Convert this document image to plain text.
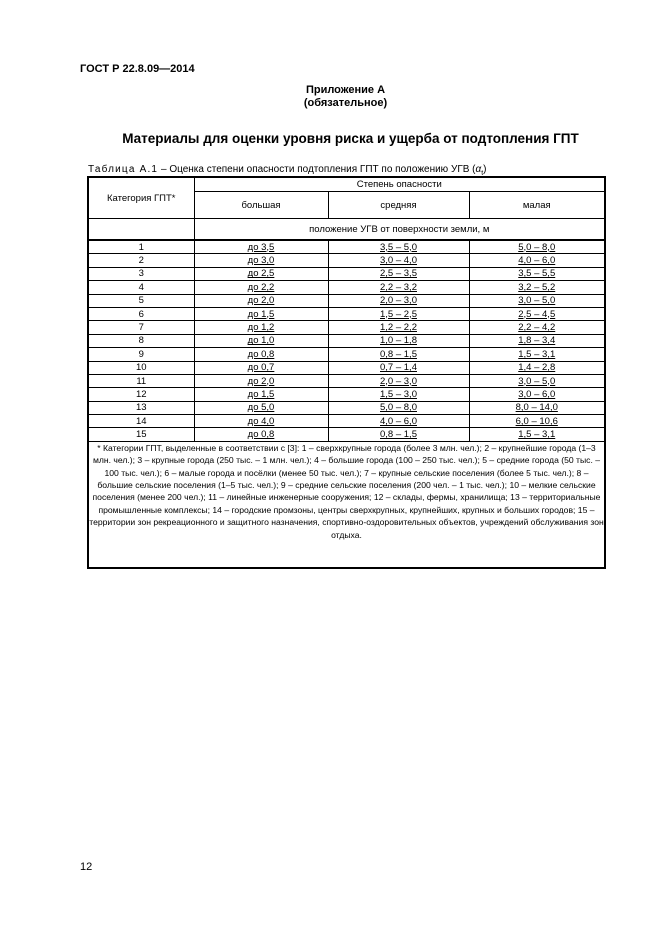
ГОСТ Р 22.8.09—2014
Приложение А
(обязательное)
Материалы для оценки уровня риска и ущерба от подтопления ГПТ
Таблица А.1 – Оценка степени опасности подтопления ГПТ по положению УГВ $(\alpha_t)$
Категория ГПТ*	Степень опасности		
	большая	средняя	малая
	положение УГВ от поверхности земли, м		
1	до 3,5	3,5 – 5,0	5,0 – 8,0
2	до 3,0	3,0 – 4,0	4,0 – 6,0
3	до 2,5	2,5 – 3,5	3,5 – 5,5
4	до 2,2	2,2 – 3,2	3,2 – 5,2
5	до 2,0	2,0 – 3,0	3,0 – 5,0
6	до 1,5	1,5 – 2,5	2,5 – 4,5
7	до 1,2	1,2 – 2,2	2,2 – 4,2
8	до 1,0	1,0 – 1,8	1,8 – 3,4
9	до 0,8	0,8 – 1,5	1,5 – 3,1
10	до 0,7	0,7 – 1,4	1,4 – 2,8
11	до 2,0	2,0 – 3,0	3,0 – 5,0
12	до 1,5	1,5 – 3,0	3,0 – 6,0
13	до 5,0	5,0 – 8,0	8,0 – 14,0
14	до 4,0	4,0 – 6,0	6,0 – 10,6
15	до 0,8	0,8 – 1,5	1,5 – 3,1
* Категории ГПТ, выделенные в соответствии с [3]: 1 – сверхкрупные города (более 3 млн. чел.); 2 – крупнейшие города (1–3 млн. чел.); 3 – крупные города (250 тыс. – 1 млн. чел.); 4 – большие города (100 – 250 тыс. чел.); 5 – средние города (50 тыс. – 100 тыс. чел.); 6 – малые города и посёлки (менее 50 тыс. чел.); 7 – крупные сельские поселения (более 5 тыс. чел.); 8 – большие сельские поселения (1–5 тыс. чел.); 9 – средние сельские поселения (200 чел. – 1 тыс. чел.); 10 – мелкие сельские поселения (менее 200 чел.); 11 – линейные инженерные сооружения; 12 – склады, фермы, хранилища; 13 – территориальные промышленные комплексы; 14 – городские промзоны, центры сверхкрупных, крупнейших, крупных и больших городов; 15 – территории зон рекреационного и защитного назначения, спортивно-оздоровительных объектов, учреждений обслуживания зон отдыха.			
12
